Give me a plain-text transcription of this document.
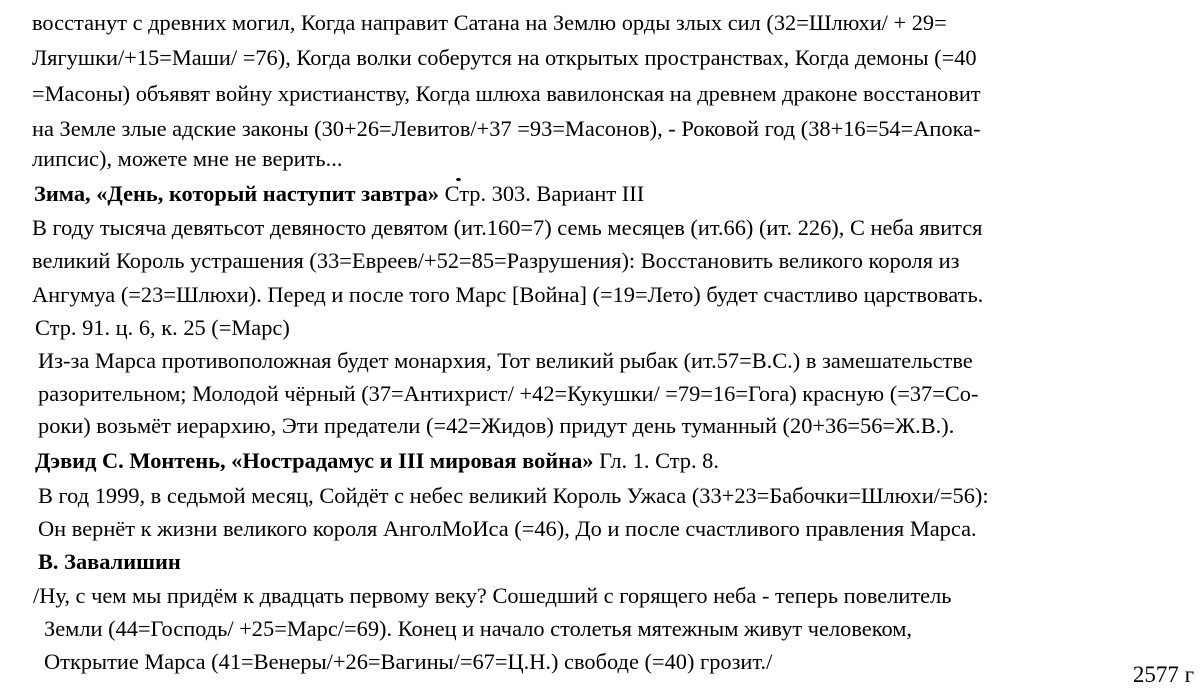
восстанут с древних могил, Когда направит Сатана на Землю орды злых сил (32=Шлюхи/ + 29=

Лягушки/+15=Маши/ =76), Когда волки соберутся на открытых пространствах, Когда демоны (=40

=Масоны) объявят войну христианству, Когда шлюха вавилонская на древнем драконе восстановит

на Земле злые адские законы (30+26=Левитов/+37 =93=Масонов), - Роковой год (38+16=54=Апока-

липсис), можете мне не верить...

Зима, «День, который наступит завтра» Стр. 303. Вариант III

В году тысяча девятьсот девяносто девятом (ит.160=7) семь месяцев (ит.66) (ит. 226), С неба явится

великий Король устрашения (33=Евреев/+52=85=Разрушения): Восстановить великого короля из

Ангумуа (=23=Шлюхи). Перед и после того Марс [Война] (=19=Лето) будет счастливо царствовать.

Стр. 91. ц. 6, к. 25 (=Марс)

Из-за Марса противоположная будет монархия, Тот великий рыбак (ит.57=В.С.) в замешательстве

разорительном; Молодой чёрный (37=Антихрист/ +42=Кукушки/ =79=16=Гога) красную (=37=Со-

роки) возьмёт иерархию, Эти предатели (=42=Жидов) придут день туманный (20+36=56=Ж.В.).

Дэвид С. Монтень, «Нострадамус и III мировая война» Гл. 1. Стр. 8.

В год 1999, в седьмой месяц, Сойдёт с небес великий Король Ужаса (33+23=Бабочки=Шлюхи/=56):

Он вернёт к жизни великого короля АнголМоИса (=46), До и после счастливого правления Марса.

В. Завалишин

/Ну, с чем мы придём к двадцать первому веку? Сошедший с горящего неба - теперь повелитель

Земли (44=Господь/ +25=Марс/=69). Конец и начало столетья мятежным живут человеком,

Открытие Марса (41=Венеры/+26=Вагины/=67=Ц.Н.) свободе (=40) грозит./

2577 г
